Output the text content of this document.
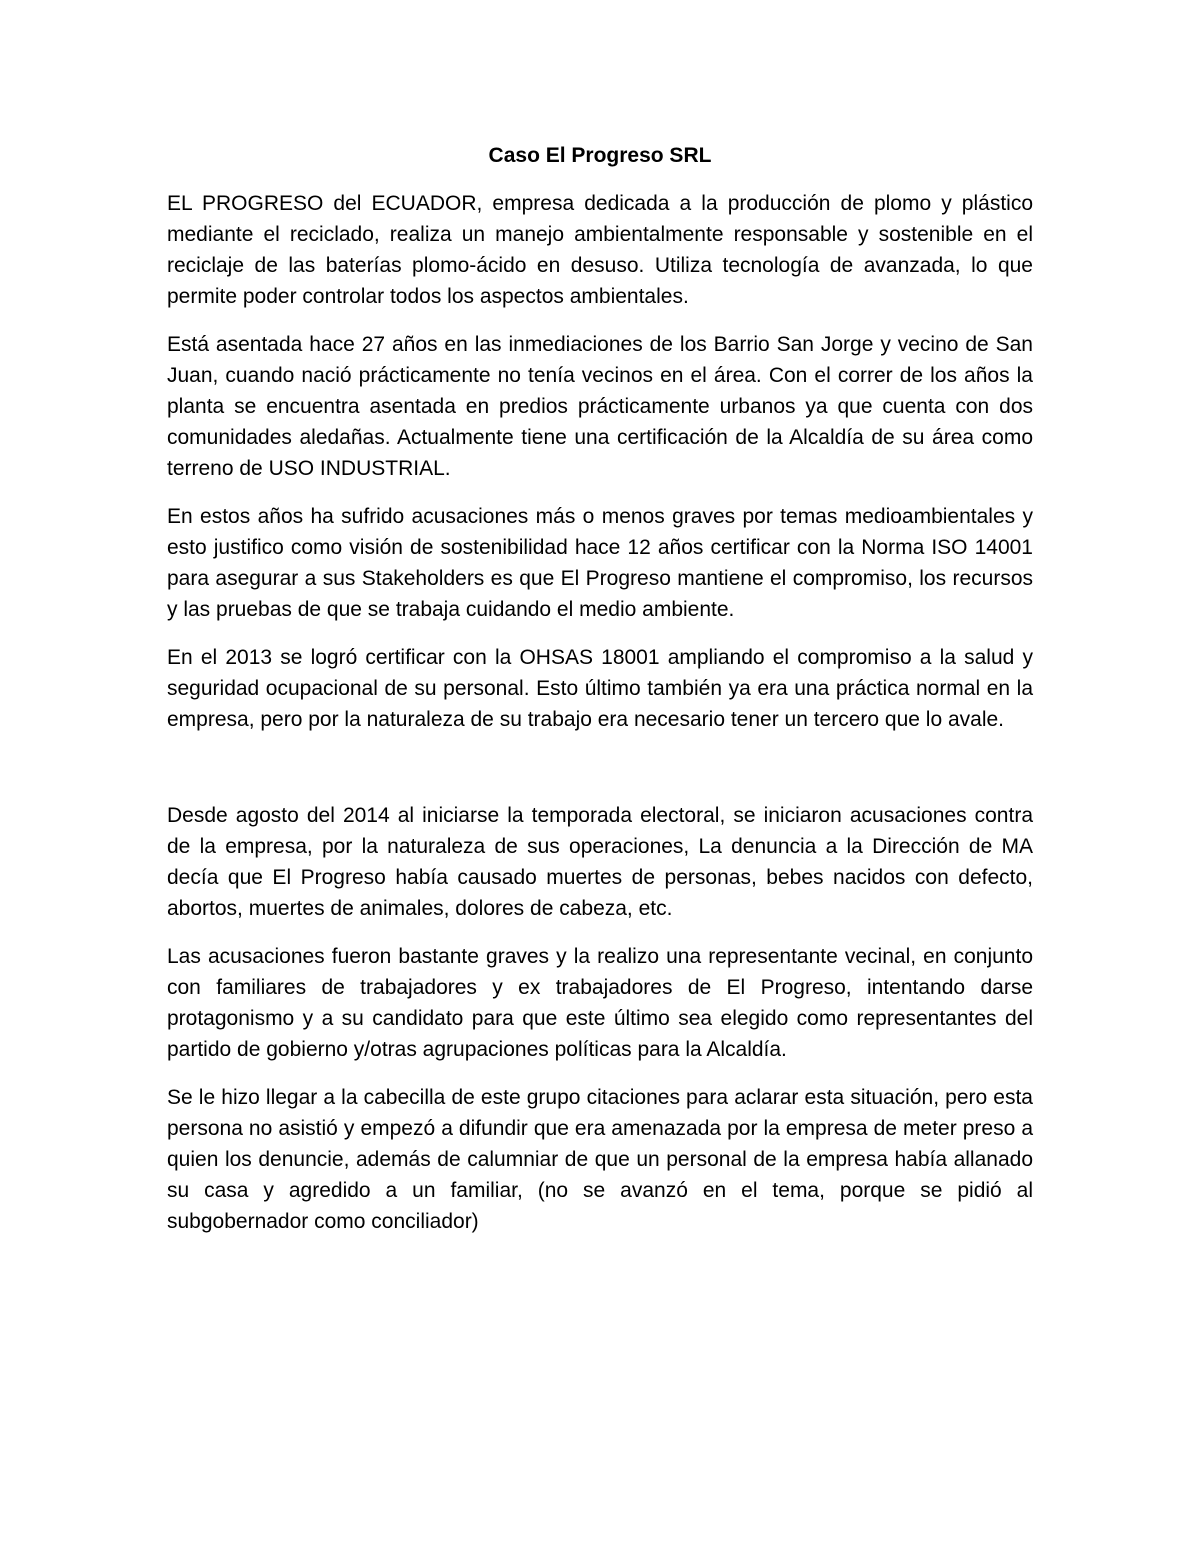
Caso El Progreso SRL

EL PROGRESO del ECUADOR, empresa dedicada a la producción de plomo y plástico mediante el reciclado, realiza un manejo ambientalmente responsable y sostenible en el reciclaje de las baterías plomo-ácido en desuso. Utiliza tecnología de avanzada, lo que permite poder controlar todos los aspectos ambientales.

Está asentada hace 27 años en las inmediaciones de los Barrio San Jorge y vecino de San Juan, cuando nació prácticamente no tenía vecinos en el área. Con el correr de los años la planta se encuentra asentada en predios prácticamente urbanos ya que cuenta con dos comunidades aledañas. Actualmente tiene una certificación de la Alcaldía de su área como terreno de USO INDUSTRIAL.

En estos años ha sufrido acusaciones más o menos graves por temas medioambientales y esto justifico como visión de sostenibilidad hace 12 años certificar con la Norma ISO 14001 para asegurar a sus Stakeholders es que El Progreso mantiene el compromiso, los recursos y las pruebas de que se trabaja cuidando el medio ambiente.

En el 2013 se logró certificar con la OHSAS 18001 ampliando el compromiso a la salud y seguridad ocupacional de su personal. Esto último también ya era una práctica normal en la empresa, pero por la naturaleza de su trabajo era necesario tener un tercero que lo avale.

Desde agosto del 2014 al iniciarse la temporada electoral, se iniciaron acusaciones contra de la empresa, por la naturaleza de sus operaciones, La denuncia a la Dirección de MA decía que El Progreso había causado muertes de personas, bebes nacidos con defecto, abortos, muertes de animales, dolores de cabeza, etc.

Las acusaciones fueron bastante graves y la realizo una representante vecinal, en conjunto con familiares de trabajadores y ex trabajadores de El Progreso, intentando darse protagonismo y a su candidato para que este último sea elegido como representantes del partido de gobierno y/otras agrupaciones políticas para la Alcaldía.

Se le hizo llegar a la cabecilla de este grupo citaciones para aclarar esta situación, pero esta persona no asistió y empezó a difundir que era amenazada por la empresa de meter preso a quien los denuncie, además de calumniar de que un personal de la empresa había allanado su casa y agredido a un familiar, (no se avanzó en el tema, porque se pidió al subgobernador como conciliador)
